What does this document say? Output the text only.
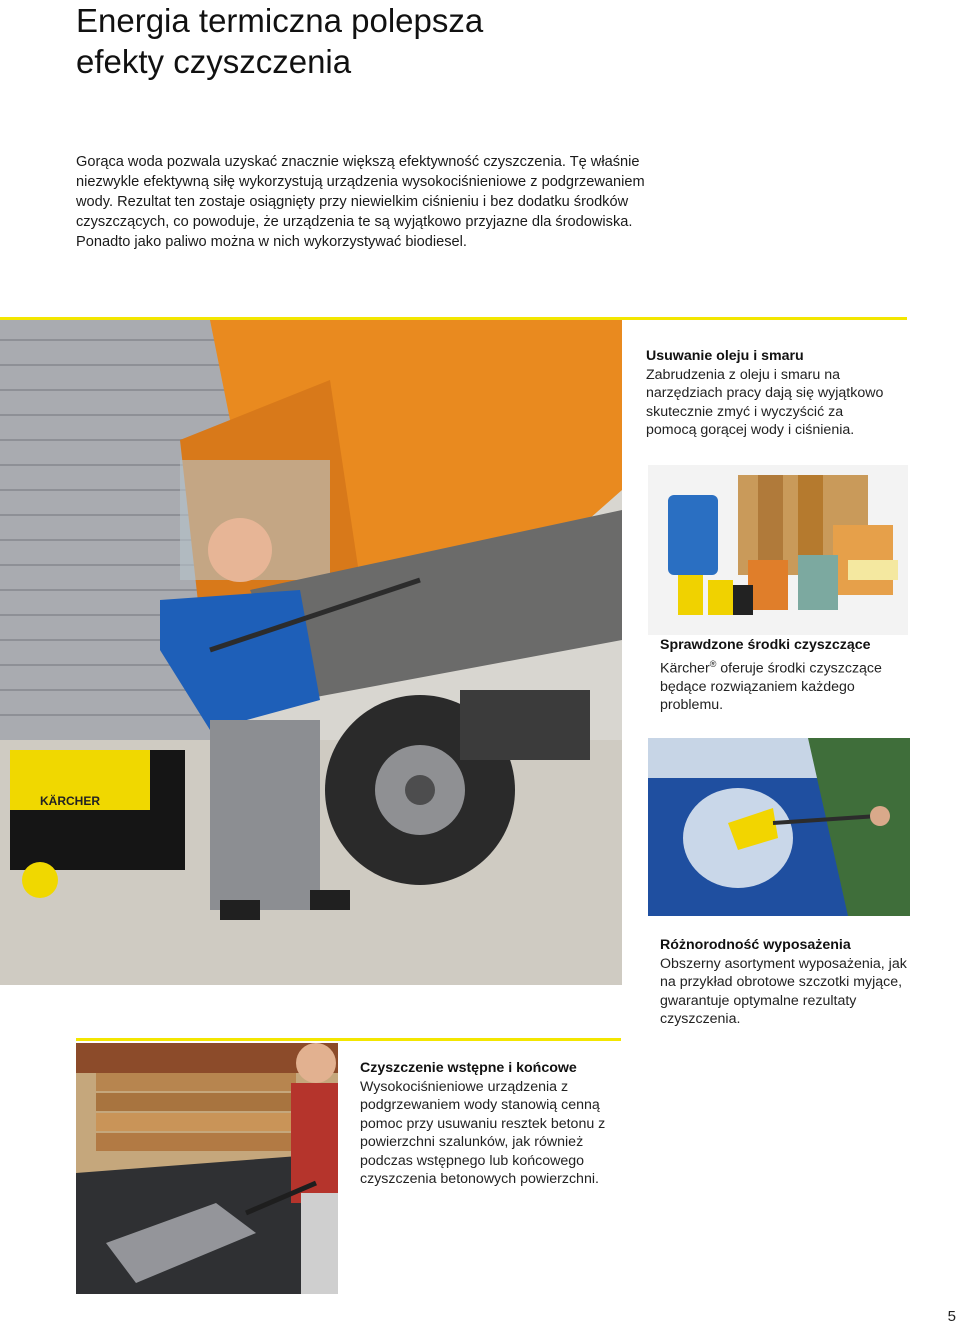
Energia termiczna polepsza
efekty czyszczenia

Gorąca woda pozwala uzyskać znacznie większą efektywność czyszczenia. Tę właśnie niezwykle efektywną siłę wykorzystują urządzenia wysokociśnieniowe z podgrzewaniem wody. Rezultat ten zostaje osiągnięty przy niewielkim ciśnieniu i bez dodatku środków czyszczących, co powoduje, że urządzenia te są wyjątkowo przyjazne dla środowiska. Ponadto jako paliwo można w nich wykorzystywać biodiesel.

KÄRCHER
Usuwanie oleju i smaru
Zabrudzenia z oleju i smaru na narzędziach pracy dają się wyjątkowo skutecznie zmyć i wyczyścić za pomocą gorącej wody i ciśnienia.
Sprawdzone środki czyszczące
Kärcher® oferuje środki czyszczące będące rozwiązaniem każdego problemu.
Różnorodność wyposażenia
Obszerny asortyment wyposażenia, jak na przykład obrotowe szczotki myjące, gwarantuje optymalne rezultaty czyszczenia.
Czyszczenie wstępne i końcowe
Wysokociśnieniowe urządzenia z podgrzewaniem wody stanowią cenną pomoc przy usuwaniu resztek betonu z powierzchni szalunków, jak również podczas wstępnego lub końcowego czyszczenia betonowych powierzchni.
5
